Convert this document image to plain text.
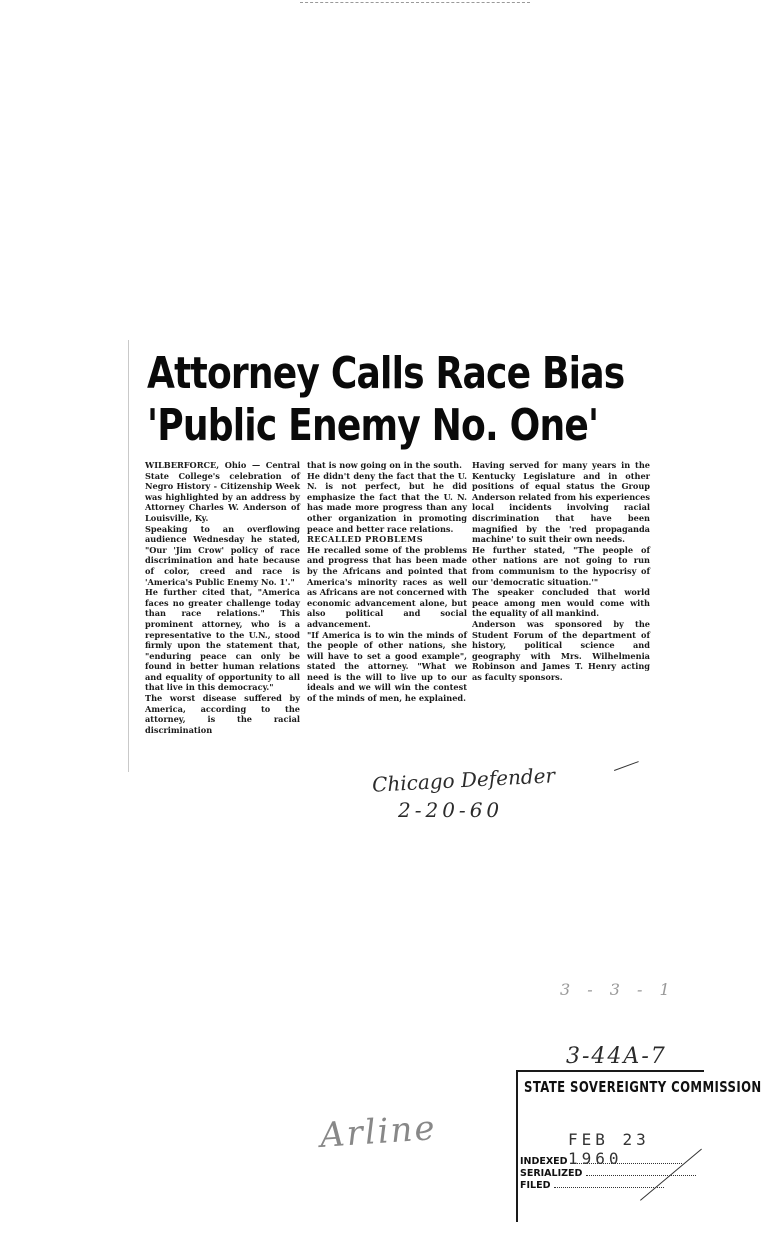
Attorney Calls Race Bias
'Public Enemy No. One'

WILBERFORCE, Ohio — Central State College's celebration of Negro History - Citizenship Week was highlighted by an address by Attorney Charles W. Anderson of Louisville, Ky.

Speaking to an overflowing audience Wednesday he stated, "Our 'Jim Crow' policy of race discrimination and hate because of color, creed and race is 'America's Public Enemy No. 1'."

He further cited that, "America faces no greater challenge today than race relations." This prominent attorney, who is a representative to the U.N., stood firmly upon the statement that, "enduring peace can only be found in better human relations and equality of opportunity to all that live in this democracy."

The worst disease suffered by America, according to the attorney, is the racial discrimination

that is now going on in the south.

He didn't deny the fact that the U. N. is not perfect, but he did emphasize the fact that the U. N. has made more progress than any other organization in promoting peace and better race relations.

RECALLED PROBLEMS

He recalled some of the problems and progress that has been made by the Africans and pointed that America's minority races as well as Africans are not concerned with economic advancement alone, but also political and social advancement.

"If America is to win the minds of the people of other nations, she will have to set a good example", stated the attorney. "What we need is the will to live up to our ideals and we will win the contest of the minds of men, he explained.

Having served for many years in the Kentucky Legislature and in other positions of equal status the Group Anderson related from his experiences local incidents involving racial discrimination that have been magnified by the 'red propaganda machine' to suit their own needs.

He further stated, "The people of other nations are not going to run from communism to the hypocrisy of our 'democratic situation.'"

The speaker concluded that world peace among men would come with the equality of all mankind.

Anderson was sponsored by the Student Forum of the department of history, political science and geography with Mrs. Wilhelmenia Robinson and James T. Henry acting as faculty sponsors.

Chicago Defender
2-20-60
3 - 3 - 1
3-44A-7
Arline
STATE SOVEREIGNTY COMMISSION
FEB 23 1960
INDEXED
SERIALIZED
FILED
